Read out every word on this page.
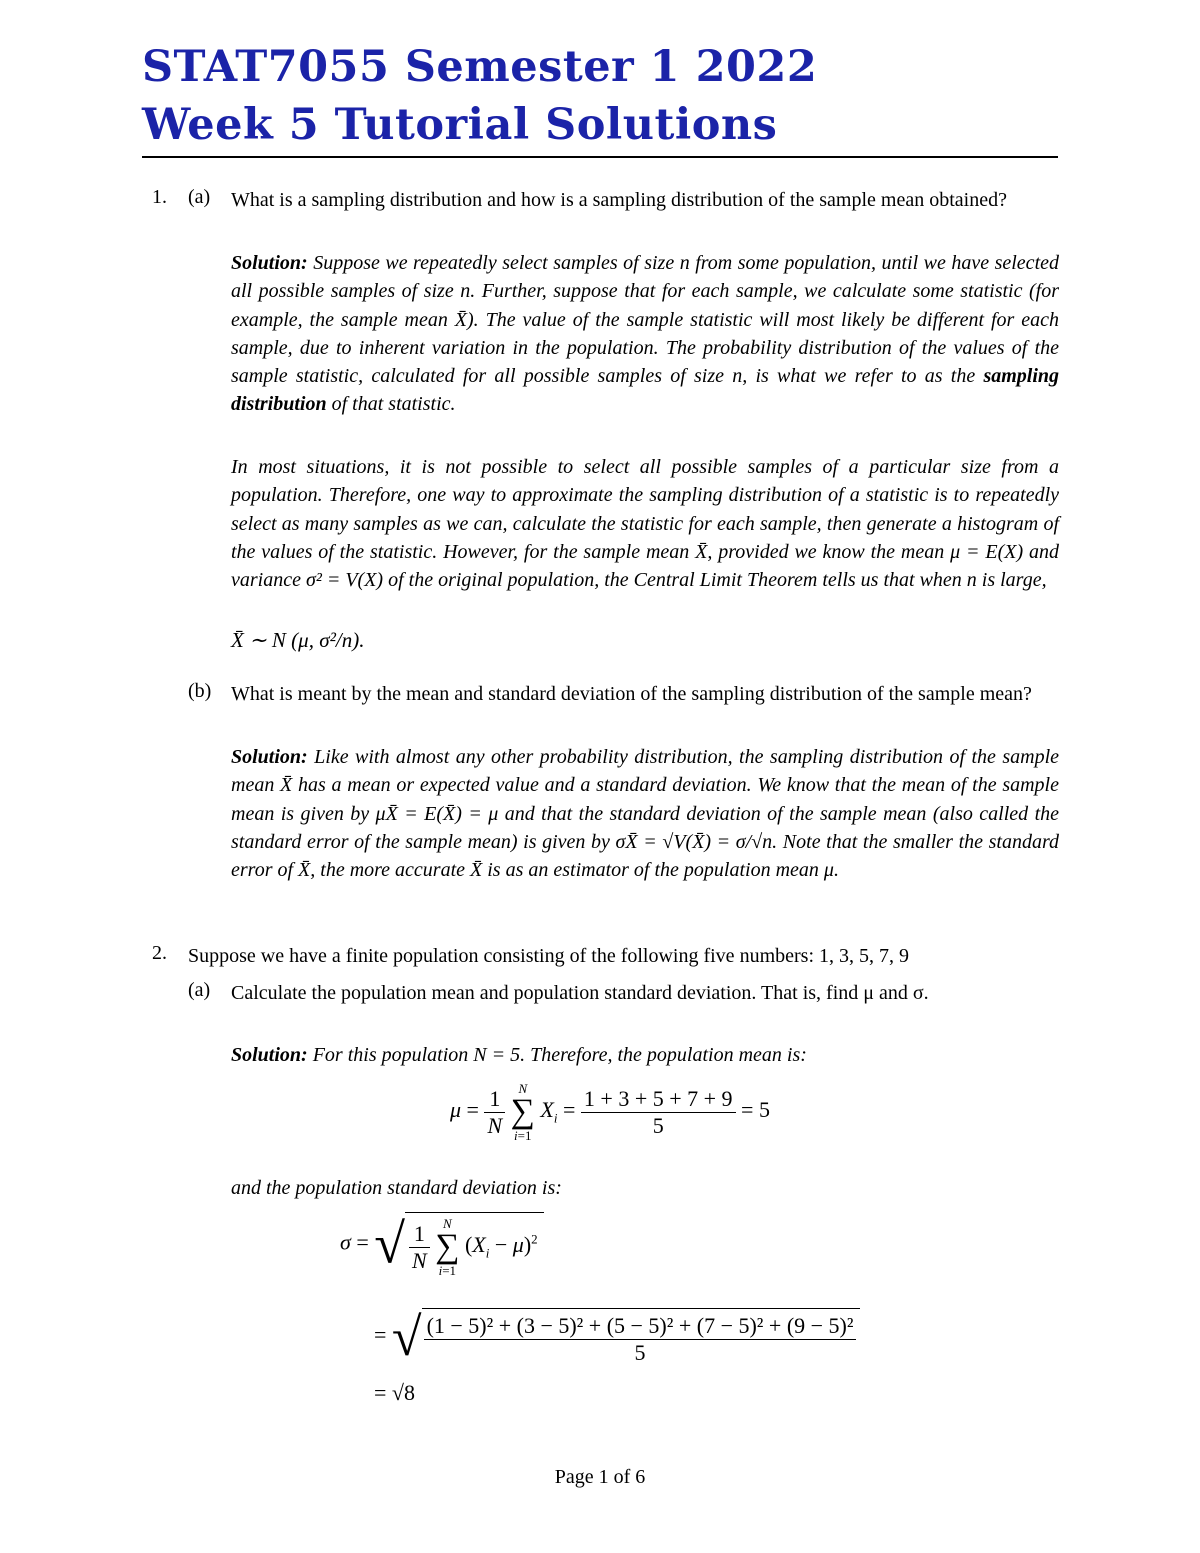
STAT7055 Semester 1 2022
Week 5 Tutorial Solutions
1. (a) What is a sampling distribution and how is a sampling distribution of the sample mean obtained?

Solution: Suppose we repeatedly select samples of size n from some population, until we have selected all possible samples of size n. Further, suppose that for each sample, we calculate some statistic (for example, the sample mean X̄). The value of the sample statistic will most likely be different for each sample, due to inherent variation in the population. The probability distribution of the values of the sample statistic, calculated for all possible samples of size n, is what we refer to as the sampling distribution of that statistic.

In most situations, it is not possible to select all possible samples of a particular size from a population. Therefore, one way to approximate the sampling distribution of a statistic is to repeatedly select as many samples as we can, calculate the statistic for each sample, then generate a histogram of the values of the statistic. However, for the sample mean X̄, provided we know the mean μ = E(X) and variance σ² = V(X) of the original population, the Central Limit Theorem tells us that when n is large,

X̄ ∼ N (μ, σ²/n).
(b) What is meant by the mean and standard deviation of the sampling distribution of the sample mean?

Solution: Like with almost any other probability distribution, the sampling distribution of the sample mean X̄ has a mean or expected value and a standard deviation. We know that the mean of the sample mean is given by μX̄ = E(X̄) = μ and that the standard deviation of the sample mean (also called the standard error of the sample mean) is given by σX̄ = √V(X̄) = σ/√n. Note that the smaller the standard error of X̄, the more accurate X̄ is as an estimator of the population mean μ.

2. Suppose we have a finite population consisting of the following five numbers: 1, 3, 5, 7, 9

(a) Calculate the population mean and population standard deviation. That is, find μ and σ.

Solution: For this population N = 5. Therefore, the population mean is:

$\mu = \frac{1}{N}$
	N
∑
i=1
$X_i = \frac{1 + 3 + 5 + 7 + 9}{5} = 5$

and the population standard deviation is:

σ = √ $\frac{1}{N}$
	N
∑
i=1
$(X_i - \mu)^2$
= √ $\frac{\text{(1 − 5)² + (3 − 5)² + (5 − 5)² + (7 − 5)² + (9 − 5)²}}{5}$
= √8
Page 1 of 6
